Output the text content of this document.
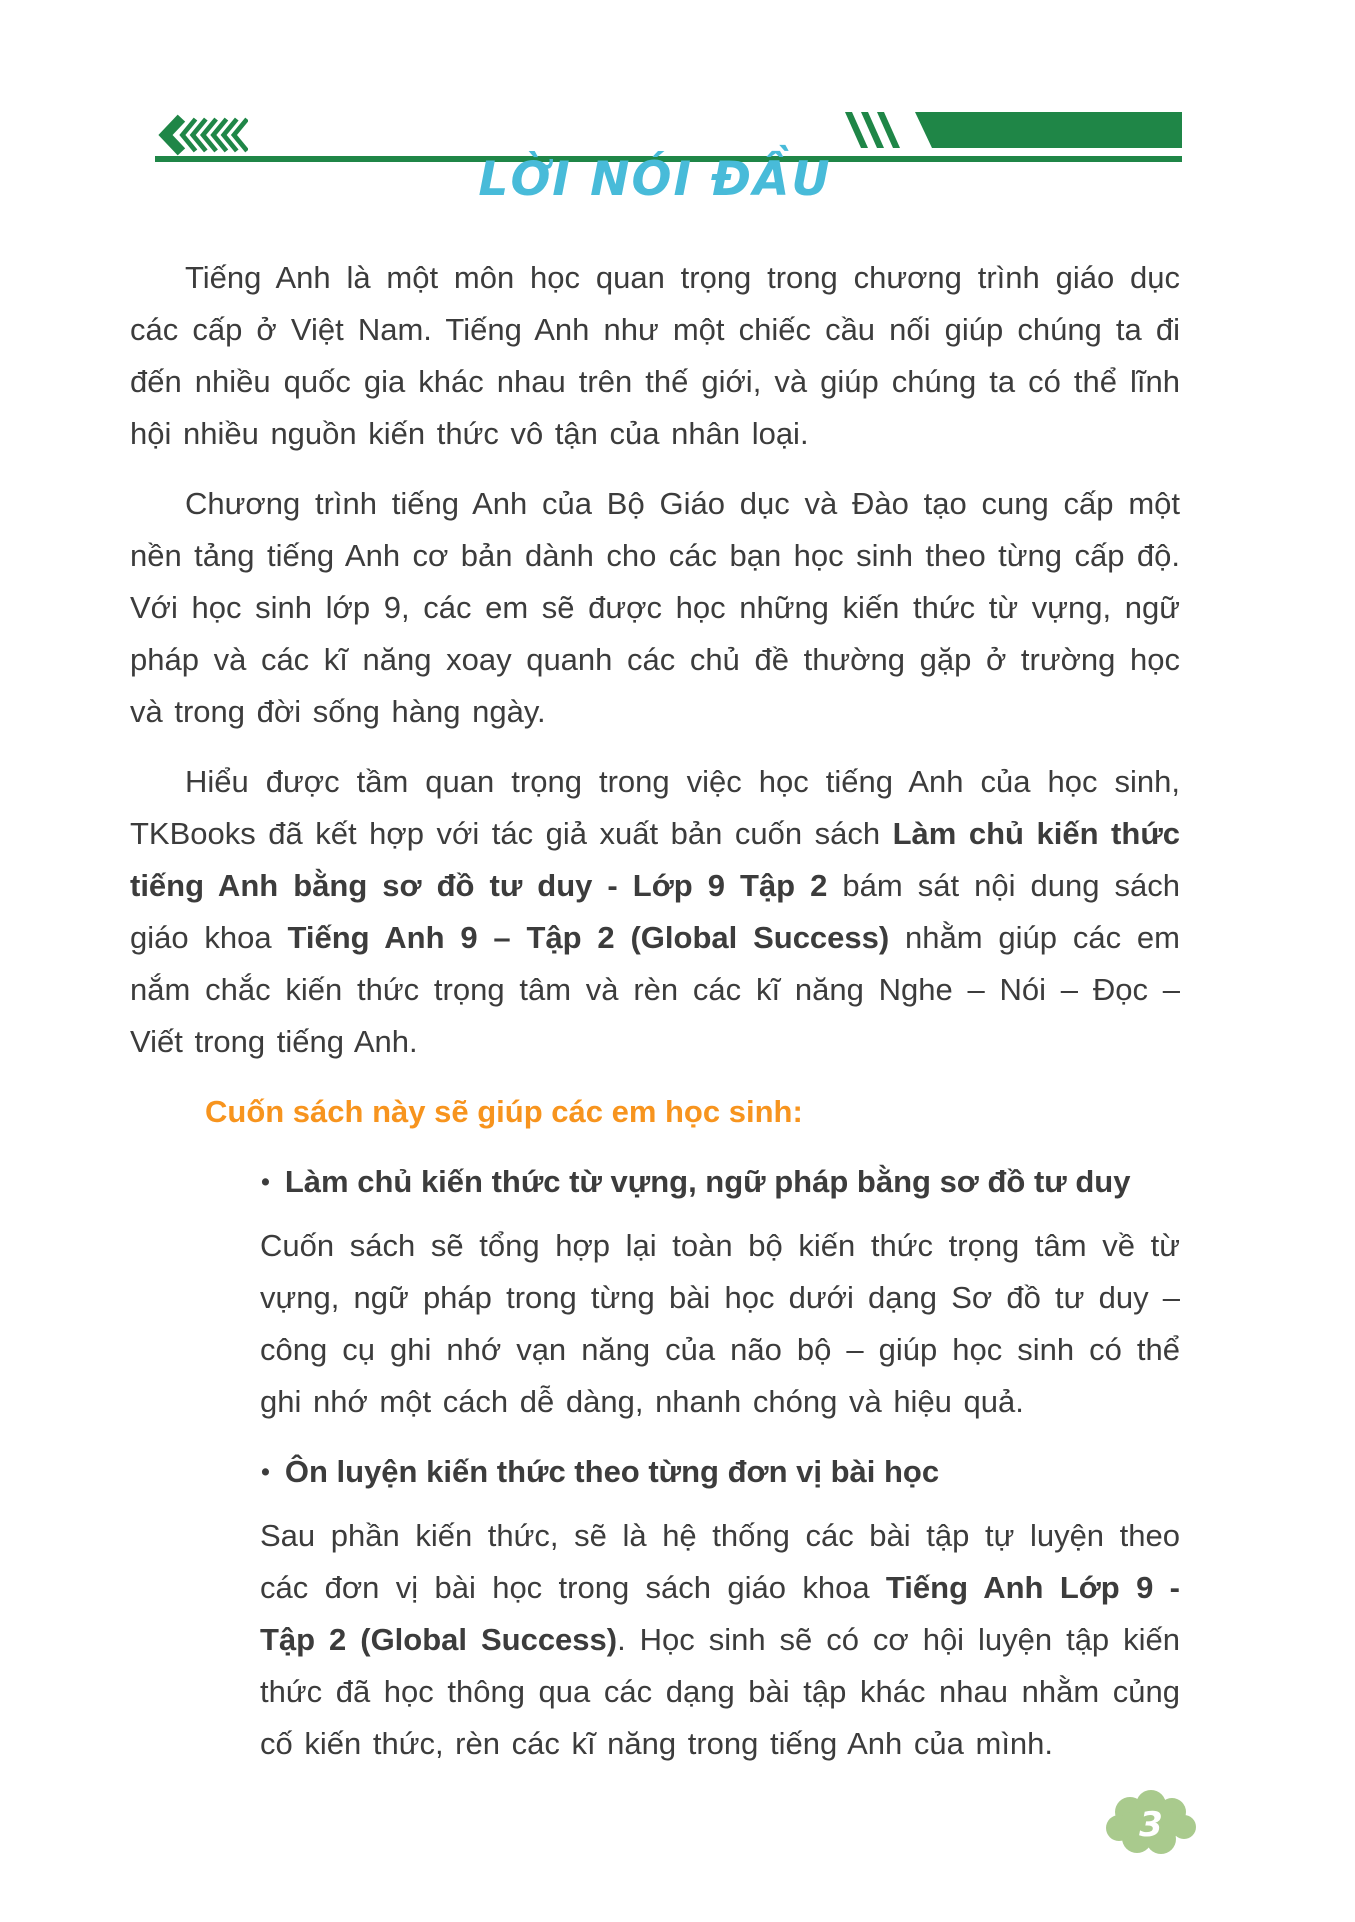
LỜI NÓI ĐẦU

Tiếng Anh là một môn học quan trọng trong chương trình giáo dục các cấp ở Việt Nam. Tiếng Anh như một chiếc cầu nối giúp chúng ta đi đến nhiều quốc gia khác nhau trên thế giới, và giúp chúng ta có thể lĩnh hội nhiều nguồn kiến thức vô tận của nhân loại.

Chương trình tiếng Anh của Bộ Giáo dục và Đào tạo cung cấp một nền tảng tiếng Anh cơ bản dành cho các bạn học sinh theo từng cấp độ. Với học sinh lớp 9, các em sẽ được học những kiến thức từ vựng, ngữ pháp và các kĩ năng xoay quanh các chủ đề thường gặp ở trường học và trong đời sống hàng ngày.

Hiểu được tầm quan trọng trong việc học tiếng Anh của học sinh, TKBooks đã kết hợp với tác giả xuất bản cuốn sách Làm chủ kiến thức tiếng Anh bằng sơ đồ tư duy - Lớp 9 Tập 2 bám sát nội dung sách giáo khoa Tiếng Anh 9 – Tập 2 (Global Success) nhằm giúp các em nắm chắc kiến thức trọng tâm và rèn các kĩ năng Nghe – Nói – Đọc – Viết trong tiếng Anh.

Cuốn sách này sẽ giúp các em học sinh:
• Làm chủ kiến thức từ vựng, ngữ pháp bằng sơ đồ tư duy

Cuốn sách sẽ tổng hợp lại toàn bộ kiến thức trọng tâm về từ vựng, ngữ pháp trong từng bài học dưới dạng Sơ đồ tư duy – công cụ ghi nhớ vạn năng của não bộ – giúp học sinh có thể ghi nhớ một cách dễ dàng, nhanh chóng và hiệu quả.

• Ôn luyện kiến thức theo từng đơn vị bài học

Sau phần kiến thức, sẽ là hệ thống các bài tập tự luyện theo các đơn vị bài học trong sách giáo khoa Tiếng Anh Lớp 9 - Tập 2 (Global Success). Học sinh sẽ có cơ hội luyện tập kiến thức đã học thông qua các dạng bài tập khác nhau nhằm củng cố kiến thức, rèn các kĩ năng trong tiếng Anh của mình.

3
